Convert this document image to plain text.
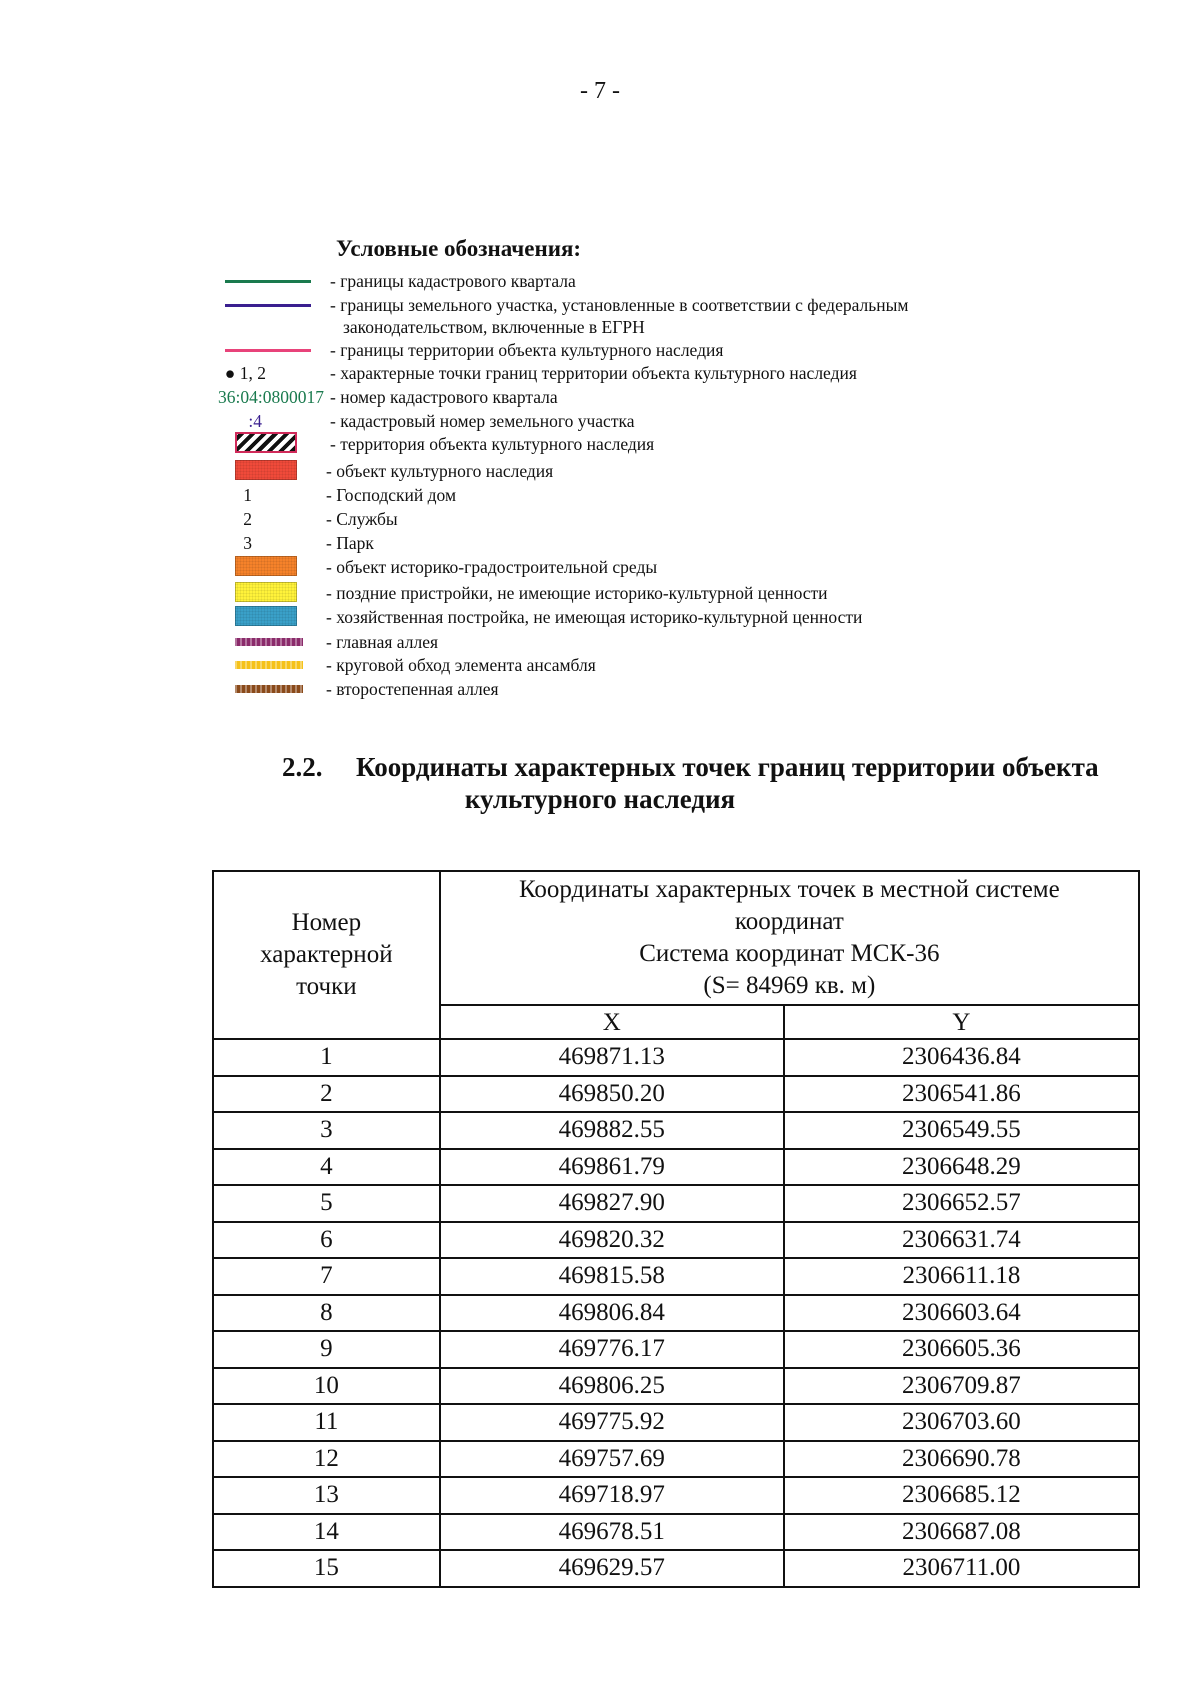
- 7 -
Условные обозначения:
- границы кадастрового квартала
- границы земельного участка, установленные в соответствии с федеральным
законодательством, включенные в ЕГРН
- границы территории объекта культурного наследия
● 1, 2	- характерные точки границ территории объекта культурного наследия
36:04:0800017 - номер кадастрового квартала
:4	- кадастровый номер земельного участка
- территория объекта культурного наследия
- объект культурного наследия
1	- Господский дом
2	- Службы
3	- Парк
- объект историко-градостроительной среды
- поздние пристройки, не имеющие историко-культурной ценности
- хозяйственная постройка, не имеющая историко-культурной ценности
- главная аллея
- круговой обход элемента ансамбля
- второстепенная аллея
2.2. Координаты характерных точек границ территории объекта
культурного наследия
Номер
характерной
точки	Координаты характерных точек в местной системе
координат
Система координат МСК-36
(S= 84969 кв. м)	

	X	Y
1	469871.13	2306436.84
2	469850.20	2306541.86
3	469882.55	2306549.55
4	469861.79	2306648.29
5	469827.90	2306652.57
6	469820.32	2306631.74
7	469815.58	2306611.18
8	469806.84	2306603.64
9	469776.17	2306605.36
10	469806.25	2306709.87
11	469775.92	2306703.60
12	469757.69	2306690.78
13	469718.97	2306685.12
14	469678.51	2306687.08
15	469629.57	2306711.00
